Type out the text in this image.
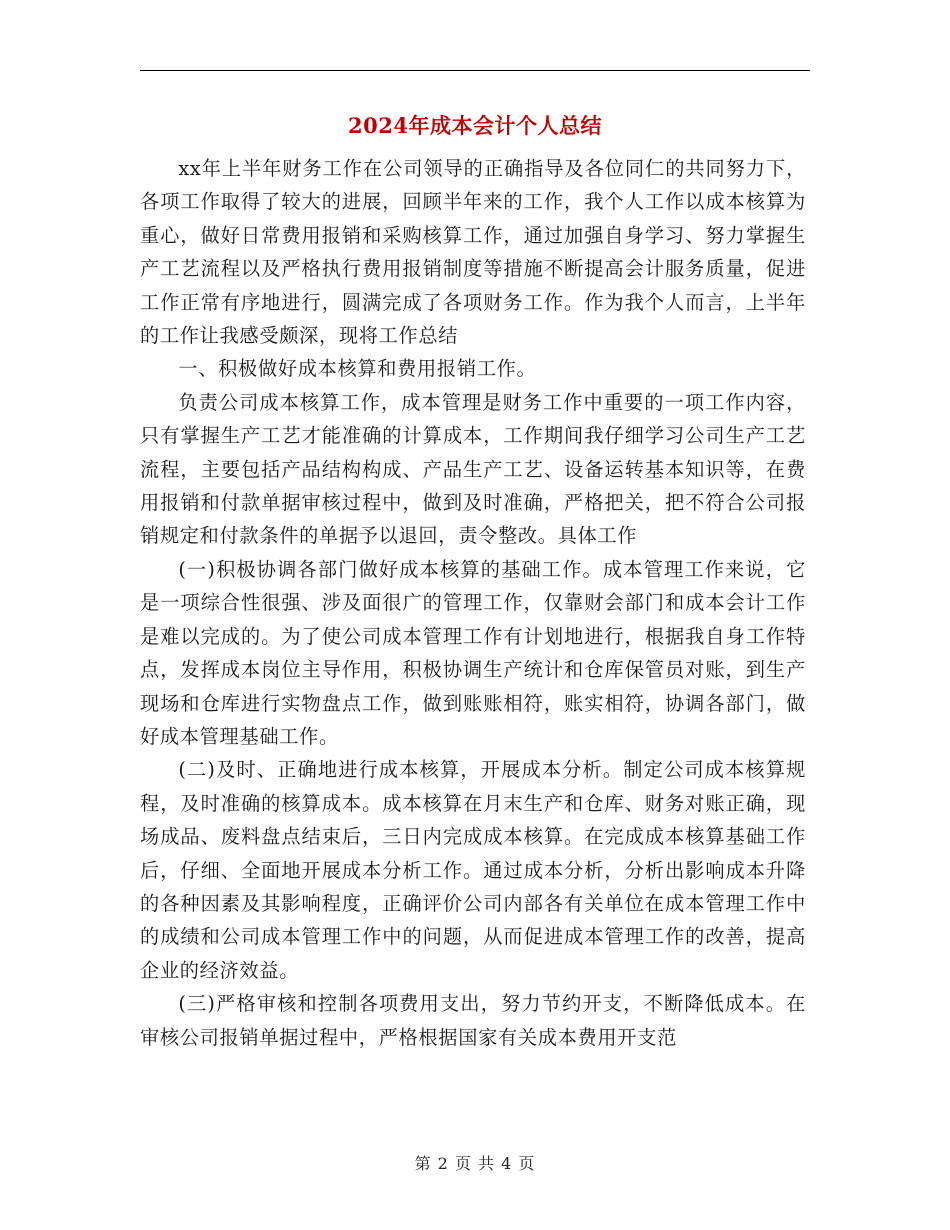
2024年成本会计个人总结

xx年上半年财务工作在公司领导的正确指导及各位同仁的共同努力下，各项工作取得了较大的进展，回顾半年来的工作，我个人工作以成本核算为重心，做好日常费用报销和采购核算工作，通过加强自身学习、努力掌握生产工艺流程以及严格执行费用报销制度等措施不断提高会计服务质量，促进工作正常有序地进行，圆满完成了各项财务工作。作为我个人而言，上半年的工作让我感受颇深，现将工作总结

一、积极做好成本核算和费用报销工作。

负责公司成本核算工作，成本管理是财务工作中重要的一项工作内容，只有掌握生产工艺才能准确的计算成本，工作期间我仔细学习公司生产工艺流程，主要包括产品结构构成、产品生产工艺、设备运转基本知识等，在费用报销和付款单据审核过程中，做到及时准确，严格把关，把不符合公司报销规定和付款条件的单据予以退回，责令整改。具体工作

(一)积极协调各部门做好成本核算的基础工作。成本管理工作来说，它是一项综合性很强、涉及面很广的管理工作，仅靠财会部门和成本会计工作是难以完成的。为了使公司成本管理工作有计划地进行，根据我自身工作特点，发挥成本岗位主导作用，积极协调生产统计和仓库保管员对账，到生产现场和仓库进行实物盘点工作，做到账账相符，账实相符，协调各部门，做好成本管理基础工作。

(二)及时、正确地进行成本核算，开展成本分析。制定公司成本核算规程，及时准确的核算成本。成本核算在月末生产和仓库、财务对账正确，现场成品、废料盘点结束后，三日内完成成本核算。在完成成本核算基础工作后，仔细、全面地开展成本分析工作。通过成本分析，分析出影响成本升降的各种因素及其影响程度，正确评价公司内部各有关单位在成本管理工作中的成绩和公司成本管理工作中的问题，从而促进成本管理工作的改善，提高企业的经济效益。

(三)严格审核和控制各项费用支出，努力节约开支，不断降低成本。在审核公司报销单据过程中，严格根据国家有关成本费用开支范

第 2 页 共 4 页
